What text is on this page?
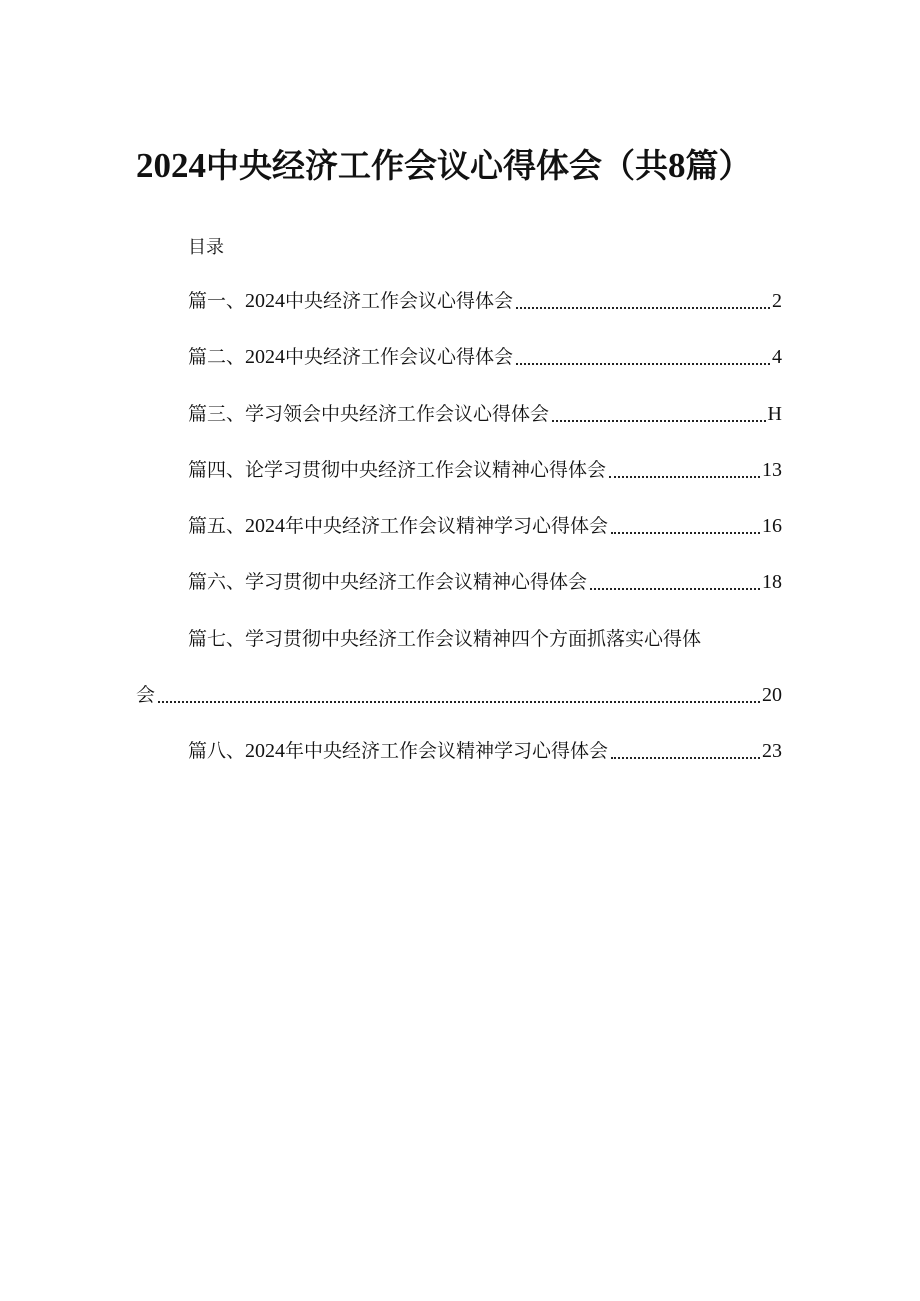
2024中央经济工作会议心得体会（共8篇）
目录
篇一、2024中央经济工作会议心得体会	2
篇二、2024中央经济工作会议心得体会	4
篇三、学习领会中央经济工作会议心得体会	H
篇四、论学习贯彻中央经济工作会议精神心得体会	13
篇五、2024年中央经济工作会议精神学习心得体会	16
篇六、学习贯彻中央经济工作会议精神心得体会	18
篇七、学习贯彻中央经济工作会议精神四个方面抓落实心得体
会	20
篇八、2024年中央经济工作会议精神学习心得体会	23
